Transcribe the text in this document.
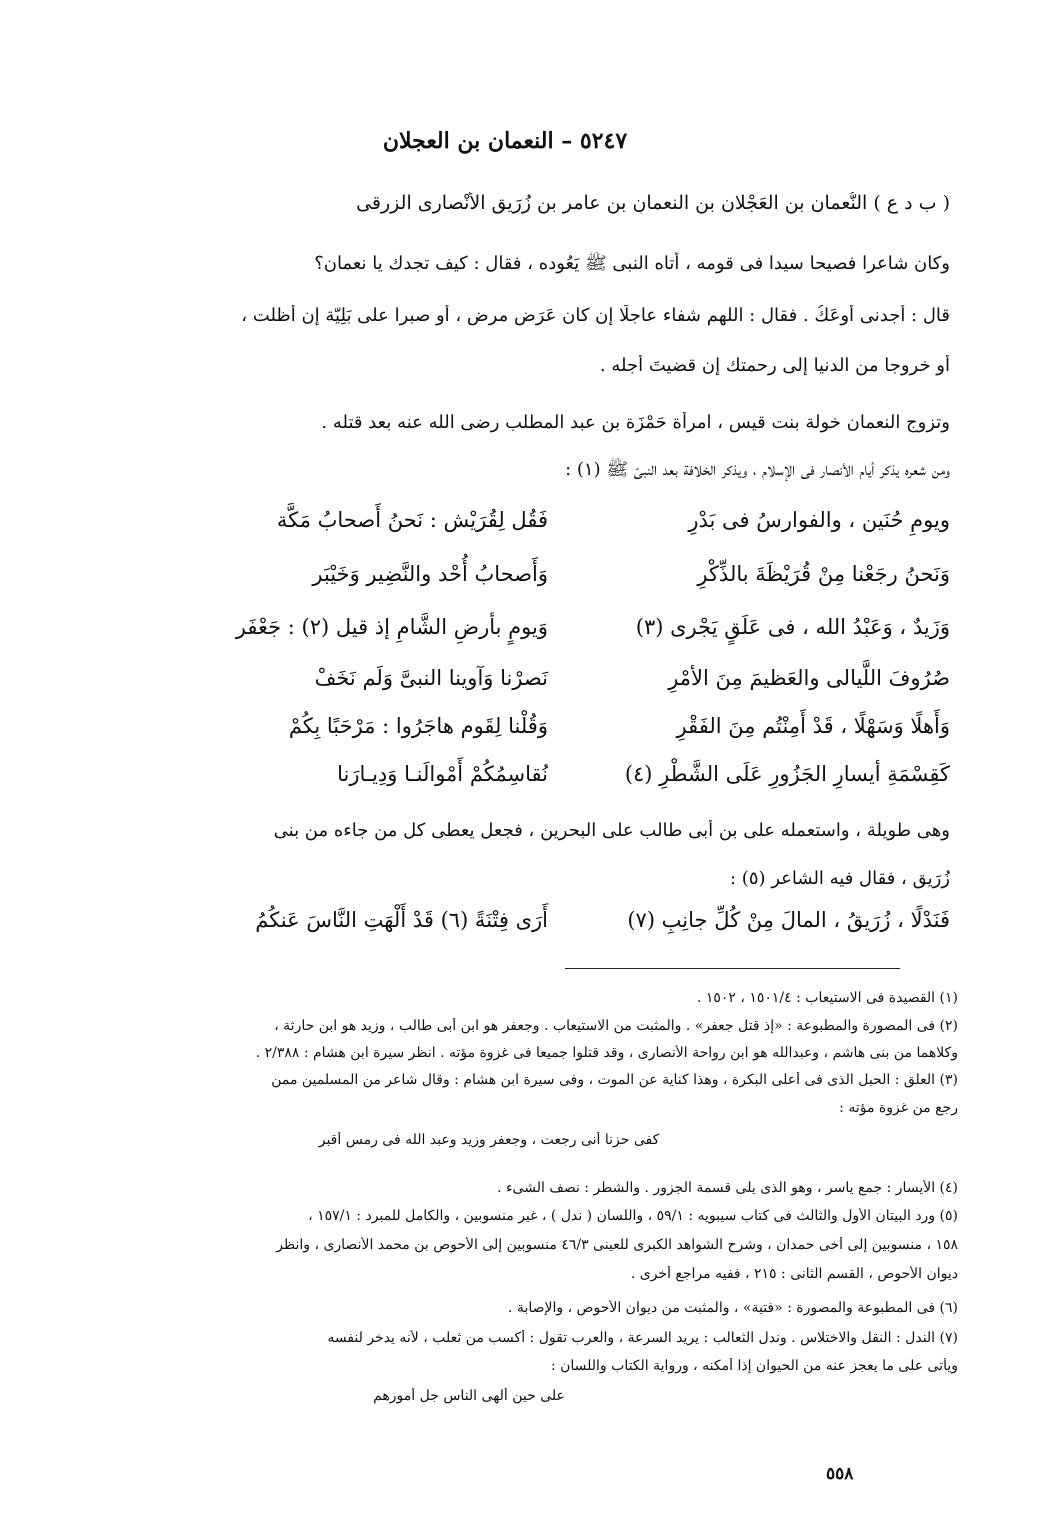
٥٢٤٧ – النعمان بن العجلان
( ب د ع ) النُّعمان بن العَجْلان بن النعمانِ بن عامر بن زُرَيق الأنْصارى الزرقى
وكان شاعرا فصيحا سيدا فى قومه ، أتاه النبى ﷺ يَعُوده ، فقال : كيف تجدك يا نعمان؟
قال : أجدنى أوعَكُ . فقال : اللهم شفاء عاجلًا إن كان عَرَض مرض ، أو صبرا على بَلِيّة إن أظلت ،
أو خروجا من الدنيا إلى رحمتك إن قضيتَ أجله .
وتزوج النعمان خولة بنت قيس ، امرأة حَمْزَة بن عبد المطلب رضى الله عنه بعد قتله .
ومن شعره يذكر أيام الأنصار فى الإسلام ، ويذكر الخلافة بعد النبىّ ﷺ (١) :
فَقُل لِقُرَيْش : نَحنُ أَصحابُ مَكَّة	ويومِ حُنَين ، والفوارسُ فى بَدْرِ
وَأَصحابُ أُحْد والنَّضِير وَخَيْبَر	وَنَحنُ رجَعْنا مِنْ قُرَيْظَةَ بالذِّكْرِ
وَيومٍ بأرضِ الشَّامِ إذ قيل (٢) : جَعْفَر	وَزَيدٌ ، وَعَبْدُ الله ، فى عَلَقٍ يَجْرى (٣)
نَصرْنا وَآوينا النبىَّ وَلَم نَخَفْ	صُرُوفَ اللَّيالى والعَظيمَ مِنَ الأمْرِ
وَقُلْنا لِقَوم هاجَرُوا : مَرْحَبًا بِكُمْ	وَأَهلًا وَسَهْلًا ، قَدْ أَمِنْتُم مِنَ الفَقْرِ
نُقاسِمُكُمْ أَمْوالَنـا وَدِيـارَنا	كَقِسْمَةِ أيسارِ الجَزُورِ عَلَى الشَّطْرِ (٤)
وهى طويلة ، واستعمله على بن أبى طالب على البحرين ، فجعل يعطى كل من جاءه من بنى
زُرَيق ، فقال فيه الشاعر (٥) :
أَرَى فِتْنَةً (٦) قَدْ أَلْهَتِ النَّاسَ عَنكُمُ	فَنَدْلًا ، زُرَيقُ ، المالَ مِنْ كُلِّ جانِبِ (٧)
(١) القصيدة فى الاستيعاب : ١٥٠١/٤ ، ١٥٠٢ .
(٢) فى المصورة والمطبوعة : «إذ قتل جعفر» . والمثبت من الاستيعاب . وجعفر هو ابن أبى طالب ، وزيد هو ابن حارثة ،
وكلاهما من بنى هاشم ، وعبدالله هو ابن رواحة الأنصارى ، وقد قتلوا جميعا فى غزوة مؤته . انظر سيرة ابن هشام : ٢/٣٨٨ .
(٣) العلق : الحبل الذى فى أعلى البكرة ، وهذا كناية عن الموت ، وفى سيرة ابن هشام : وقال شاعر من المسلمين ممن
رجع من غزوة مؤته :
كفى حزنا أنى رجعت ، وجعفر وزيد وعبد الله فى رمس أقبر
(٤) الأيسار : جمع ياسر ، وهو الذى يلى قسمة الجزور . والشطر : نصف الشىء .
(٥) ورد البيتان الأول والثالث فى كتاب سيبويه : ٥٩/١ ، واللسان ( ندل ) ، غير منسوبين ، والكامل للمبرد : ١٥٧/١ ،
١٥٨ ، منسوبين إلى أخى حمدان ، وشرح الشواهد الكبرى للعينى ٤٦/٣ منسوبين إلى الأحوص بن محمد الأنصارى ، وانظر
ديوان الأحوص ، القسم الثانى : ٢١٥ ، ففيه مراجع أخرى .
(٦) فى المطبوعة والمصورة : «فتية» ، والمثبت من ديوان الأحوص ، والإصابة .
(٧) الندل : النقل والاختلاس . وندل الثعالب : يريد السرعة ، والعرب تقول : أكسب من ثعلب ، لأنه يدخر لنفسه
ويأتى على ما يعجز عنه من الحيوان إذا أمكنه ، ورواية الكتاب واللسان :
على حين ألهى الناس جل أمورهم
٥٥٨
